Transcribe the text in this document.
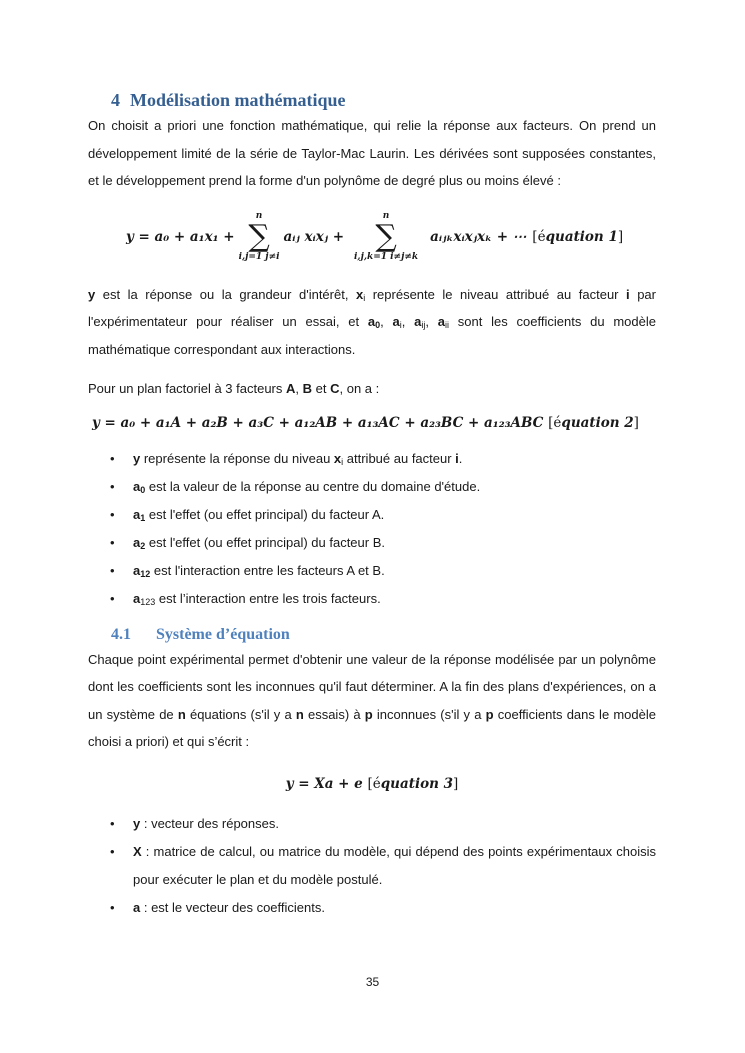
4 Modélisation mathématique

On choisit a priori une fonction mathématique, qui relie la réponse aux facteurs. On prend un développement limité de la série de Taylor-Mac Laurin. Les dérivées sont supposées constantes, et le développement prend la forme d'un polynôme de degré plus ou moins élevé :

y = a₀ + a₁x₁ +
n
∑
i,j=1 j≠i
aᵢⱼ xᵢxⱼ +
n
∑
i,j,k=1 i≠j≠k
aᵢⱼₖxᵢxⱼxₖ + ⋯ [équation 1]

y est la réponse ou la grandeur d'intérêt, $x_i$ représente le niveau attribué au facteur i par l'expérimentateur pour réaliser un essai, et $a_0$, $a_i$, $a_{ij}$, $a_{ii}$ sont les coefficients du modèle mathématique correspondant aux interactions.

Pour un plan factoriel à 3 facteurs A, B et C, on a :

y = a₀ + a₁A + a₂B + a₃C + a₁₂AB + a₁₃AC + a₂₃BC + a₁₂₃ABC [équation 2]
• y représente la réponse du niveau $x_i$ attribué au facteur i.
• $a_0$ est la valeur de la réponse au centre du domaine d'étude.
• $a_1$ est l'effet (ou effet principal) du facteur A.
• $a_2$ est l'effet (ou effet principal) du facteur B.
• $a_{12}$ est l'interaction entre les facteurs A et B.
• $a_{123}$ est l’interaction entre les trois facteurs.
4.1 Système d’équation

Chaque point expérimental permet d'obtenir une valeur de la réponse modélisée par un polynôme dont les coefficients sont les inconnues qu'il faut déterminer. A la fin des plans d'expériences, on a un système de n équations (s'il y a n essais) à p inconnues (s'il y a p coefficients dans le modèle choisi a priori) et qui s’écrit :

y = Xa + e [équation 3]
• y : vecteur des réponses.
• X : matrice de calcul, ou matrice du modèle, qui dépend des points expérimentaux choisis pour exécuter le plan et du modèle postulé.
• a : est le vecteur des coefficients.
35
